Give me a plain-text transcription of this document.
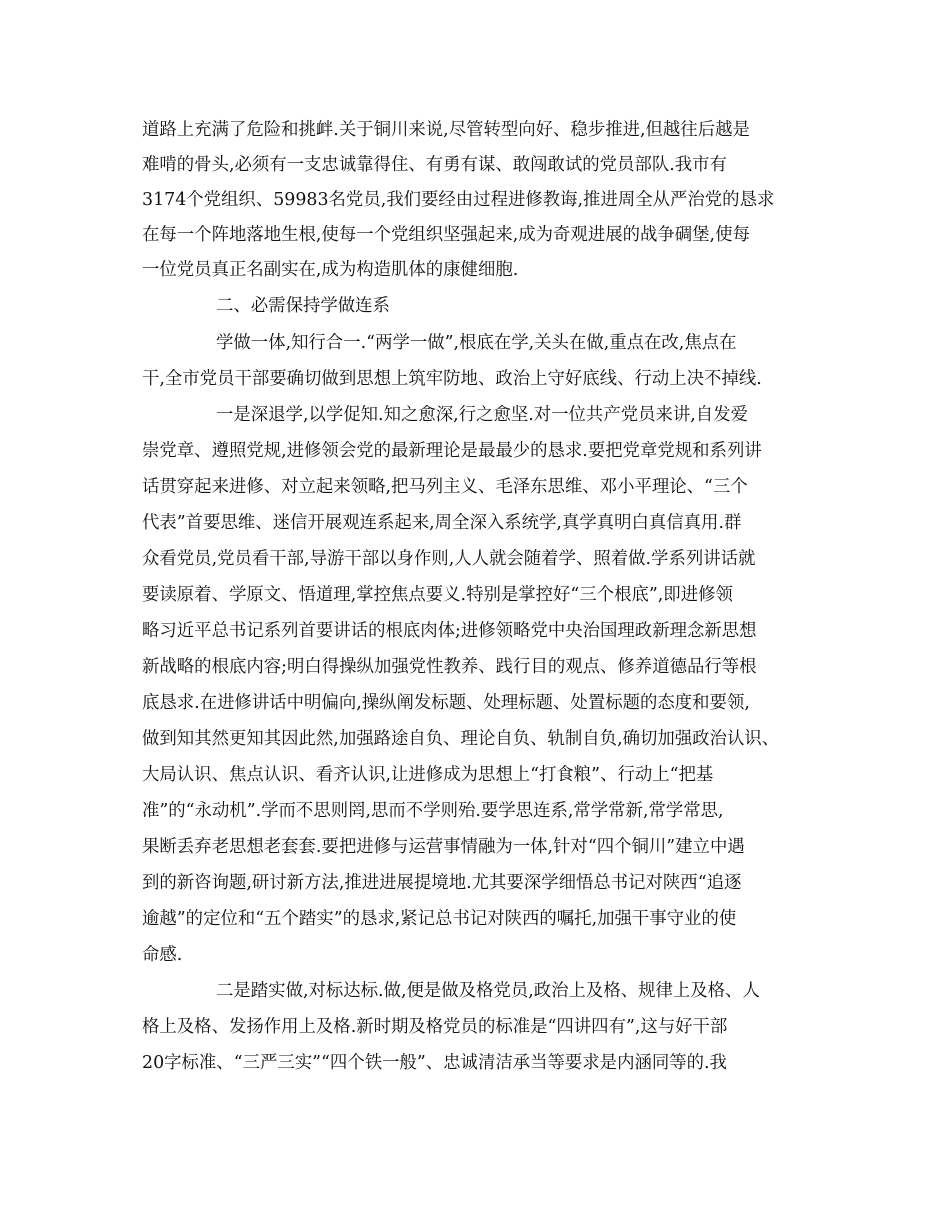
道路上充满了危险和挑衅.关于铜川来说,尽管转型向好、稳步推进,但越往后越是
难啃的骨头,必须有一支忠诚靠得住、有勇有谋、敢闯敢试的党员部队.我市有
3174个党组织、59983名党员,我们要经由过程进修教诲,推进周全从严治党的恳求
在每一个阵地落地生根,使每一个党组织坚强起来,成为奇观进展的战争碉堡,使每
一位党员真正名副实在,成为构造肌体的康健细胞.
二、必需保持学做连系
学做一体,知行合一.“两学一做”,根底在学,关头在做,重点在改,焦点在
干,全市党员干部要确切做到思想上筑牢防地、政治上守好底线、行动上决不掉线.
一是深退学,以学促知.知之愈深,行之愈坚.对一位共产党员来讲,自发爱
崇党章、遵照党规,进修领会党的最新理论是最最少的恳求.要把党章党规和系列讲
话贯穿起来进修、对立起来领略,把马列主义、毛泽东思维、邓小平理论、“三个
代表”首要思维、迷信开展观连系起来,周全深入系统学,真学真明白真信真用.群
众看党员,党员看干部,导游干部以身作则,人人就会随着学、照着做.学系列讲话就
要读原着、学原文、悟道理,掌控焦点要义.特别是掌控好“三个根底”,即进修领
略习近平总书记系列首要讲话的根底肉体;进修领略党中央治国理政新理念新思想
新战略的根底内容;明白得操纵加强党性教养、践行目的观点、修养道德品行等根
底恳求.在进修讲话中明偏向,操纵阐发标题、处理标题、处置标题的态度和要领,
做到知其然更知其因此然,加强路途自负、理论自负、轨制自负,确切加强政治认识、
大局认识、焦点认识、看齐认识,让进修成为思想上“打食粮”、行动上“把基
准”的“永动机”.学而不思则罔,思而不学则殆.要学思连系,常学常新,常学常思,
果断丢弃老思想老套套.要把进修与运营事情融为一体,针对“四个铜川”建立中遇
到的新咨询题,研讨新方法,推进进展提境地.尤其要深学细悟总书记对陕西“追逐
逾越”的定位和“五个踏实”的恳求,紧记总书记对陕西的嘱托,加强干事守业的使
命感.
二是踏实做,对标达标.做,便是做及格党员,政治上及格、规律上及格、人
格上及格、发扬作用上及格.新时期及格党员的标准是“四讲四有”,这与好干部
20字标准、“三严三实”“四个铁一般”、忠诚清洁承当等要求是内涵同等的.我
